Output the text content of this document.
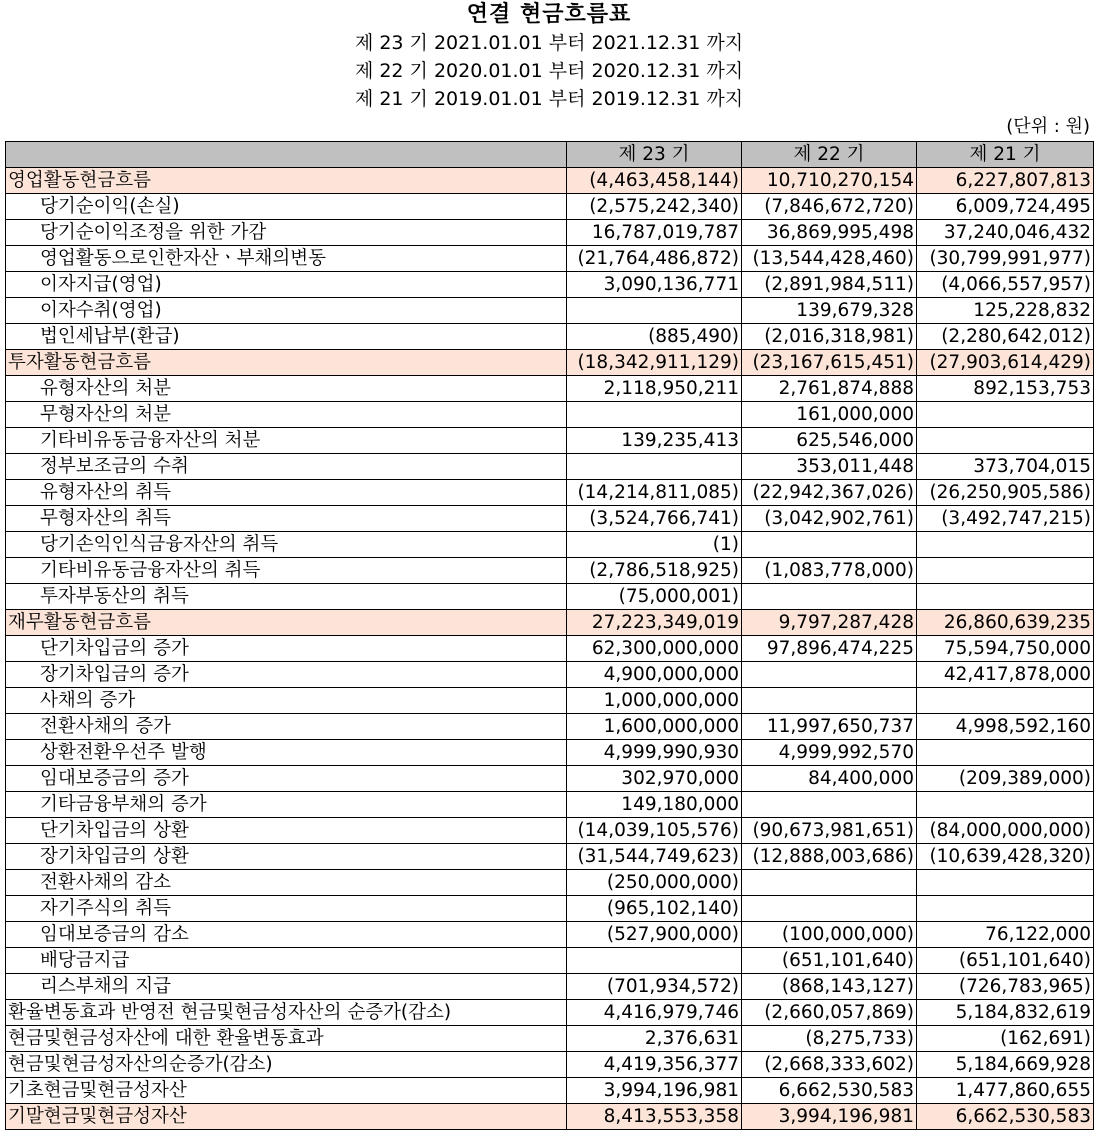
연결 현금흐름표
제 23 기 2021.01.01 부터 2021.12.31 까지
제 22 기 2020.01.01 부터 2020.12.31 까지
제 21 기 2019.01.01 부터 2019.12.31 까지
(단위 : 원)
	제 23 기	제 22 기	제 21 기
영업활동현금흐름	(4,463,458,144)	10,710,270,154	6,227,807,813
당기순이익(손실)	(2,575,242,340)	(7,846,672,720)	6,009,724,495
당기순이익조정을 위한 가감	16,787,019,787	36,869,995,498	37,240,046,432
영업활동으로인한자산ㆍ부채의변동	(21,764,486,872)	(13,544,428,460)	(30,799,991,977)
이자지급(영업)	3,090,136,771	(2,891,984,511)	(4,066,557,957)
이자수취(영업)		139,679,328	125,228,832
법인세납부(환급)	(885,490)	(2,016,318,981)	(2,280,642,012)
투자활동현금흐름	(18,342,911,129)	(23,167,615,451)	(27,903,614,429)
유형자산의 처분	2,118,950,211	2,761,874,888	892,153,753
무형자산의 처분		161,000,000	
기타비유동금융자산의 처분	139,235,413	625,546,000	
정부보조금의 수취		353,011,448	373,704,015
유형자산의 취득	(14,214,811,085)	(22,942,367,026)	(26,250,905,586)
무형자산의 취득	(3,524,766,741)	(3,042,902,761)	(3,492,747,215)
당기손익인식금융자산의 취득	(1)		
기타비유동금융자산의 취득	(2,786,518,925)	(1,083,778,000)	
투자부동산의 취득	(75,000,001)		
재무활동현금흐름	27,223,349,019	9,797,287,428	26,860,639,235
단기차입금의 증가	62,300,000,000	97,896,474,225	75,594,750,000
장기차입금의 증가	4,900,000,000		42,417,878,000
사채의 증가	1,000,000,000		
전환사채의 증가	1,600,000,000	11,997,650,737	4,998,592,160
상환전환우선주 발행	4,999,990,930	4,999,992,570	
임대보증금의 증가	302,970,000	84,400,000	(209,389,000)
기타금융부채의 증가	149,180,000		
단기차입금의 상환	(14,039,105,576)	(90,673,981,651)	(84,000,000,000)
장기차입금의 상환	(31,544,749,623)	(12,888,003,686)	(10,639,428,320)
전환사채의 감소	(250,000,000)		
자기주식의 취득	(965,102,140)		
임대보증금의 감소	(527,900,000)	(100,000,000)	76,122,000
배당금지급		(651,101,640)	(651,101,640)
리스부채의 지급	(701,934,572)	(868,143,127)	(726,783,965)
환율변동효과 반영전 현금및현금성자산의 순증가(감소)	4,416,979,746	(2,660,057,869)	5,184,832,619
현금및현금성자산에 대한 환율변동효과	2,376,631	(8,275,733)	(162,691)
현금및현금성자산의순증가(감소)	4,419,356,377	(2,668,333,602)	5,184,669,928
기초현금및현금성자산	3,994,196,981	6,662,530,583	1,477,860,655
기말현금및현금성자산	8,413,553,358	3,994,196,981	6,662,530,583
